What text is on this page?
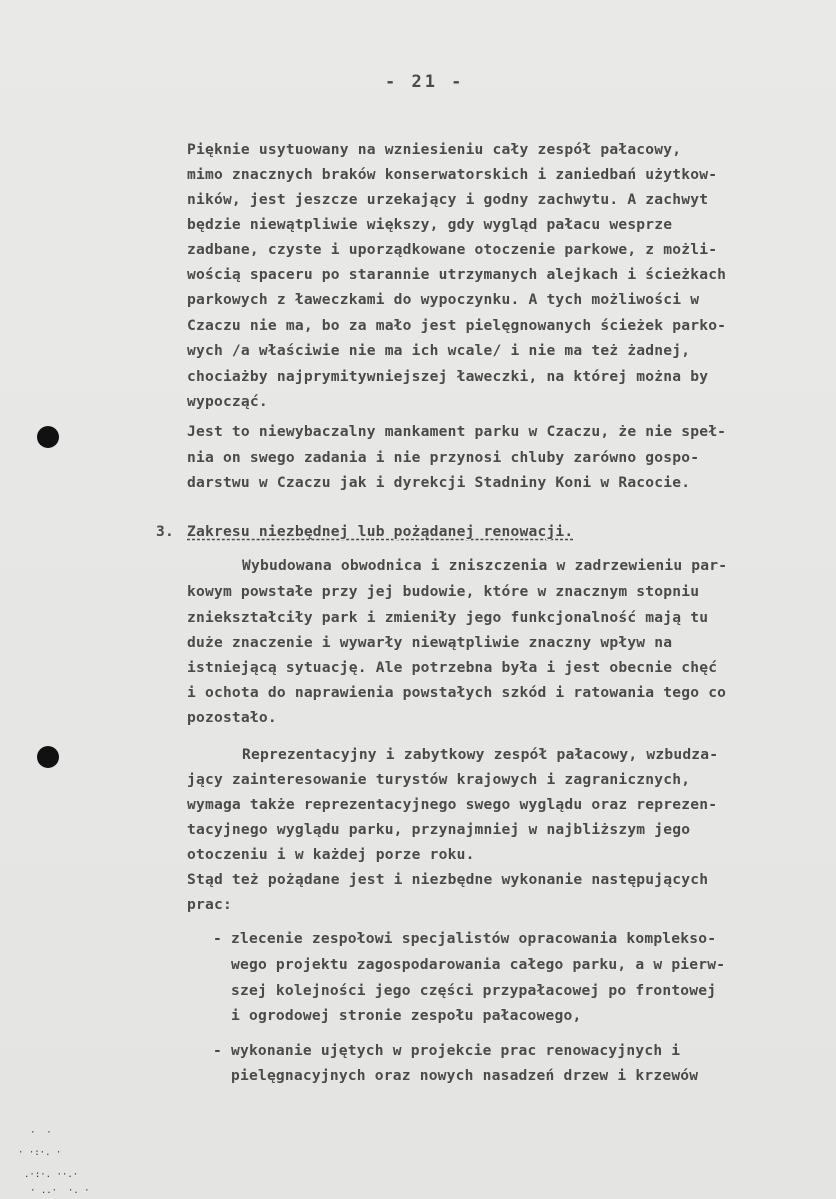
- 21 -
Pięknie usytuowany na wzniesieniu cały zespół pałacowy,
mimo znacznych braków konserwatorskich i zaniedbań użytkow-
ników, jest jeszcze urzekający i godny zachwytu. A zachwyt
będzie niewątpliwie większy, gdy wygląd pałacu wesprze
zadbane, czyste i uporządkowane otoczenie parkowe, z możli-
wością spaceru po starannie utrzymanych alejkach i ścieżkach
parkowych z ławeczkami do wypoczynku. A tych możliwości w
Czaczu nie ma, bo za mało jest pielęgnowanych ścieżek parko-
wych /a właściwie nie ma ich wcale/ i nie ma też żadnej,
chociażby najprymitywniejszej ławeczki, na której można by
wypocząć.
Jest to niewybaczalny mankament parku w Czaczu, że nie speł-
nia on swego zadania i nie przynosi chluby zarówno gospo-
darstwu w Czaczu jak i dyrekcji Stadniny Koni w Racocie.
3. Zakresu niezbędnej lub pożądanej renowacji.
Wybudowana obwodnica i zniszczenia w zadrzewieniu par-
kowym powstałe przy jej budowie, które w znacznym stopniu
zniekształciły park i zmieniły jego funkcjonalność mają tu
duże znaczenie i wywarły niewątpliwie znaczny wpływ na
istniejącą sytuację. Ale potrzebna była i jest obecnie chęć
i ochota do naprawienia powstałych szkód i ratowania tego co
pozostało.
Reprezentacyjny i zabytkowy zespół pałacowy, wzbudza-
jący zainteresowanie turystów krajowych i zagranicznych,
wymaga także reprezentacyjnego swego wyglądu oraz reprezen-
tacyjnego wyglądu parku, przynajmniej w najbliższym jego
otoczeniu i w każdej porze roku.
Stąd też pożądane jest i niezbędne wykonanie następujących
prac:
- zlecenie zespołowi specjalistów opracowania kompleksо-
wego projektu zagospodarowania całego parku, a w pierw-
szej kolejności jego części przypałacowej po frontowej
i ogrodowej stronie zespołu pałacowego,
- wykonanie ujętych w projekcie prac renowacyjnych i
pielęgnacyjnych oraz nowych nasadzeń drzew i krzewów
·  ·
· ·:·. ·
.·:·. ··.·
· ..·  ·. ·
